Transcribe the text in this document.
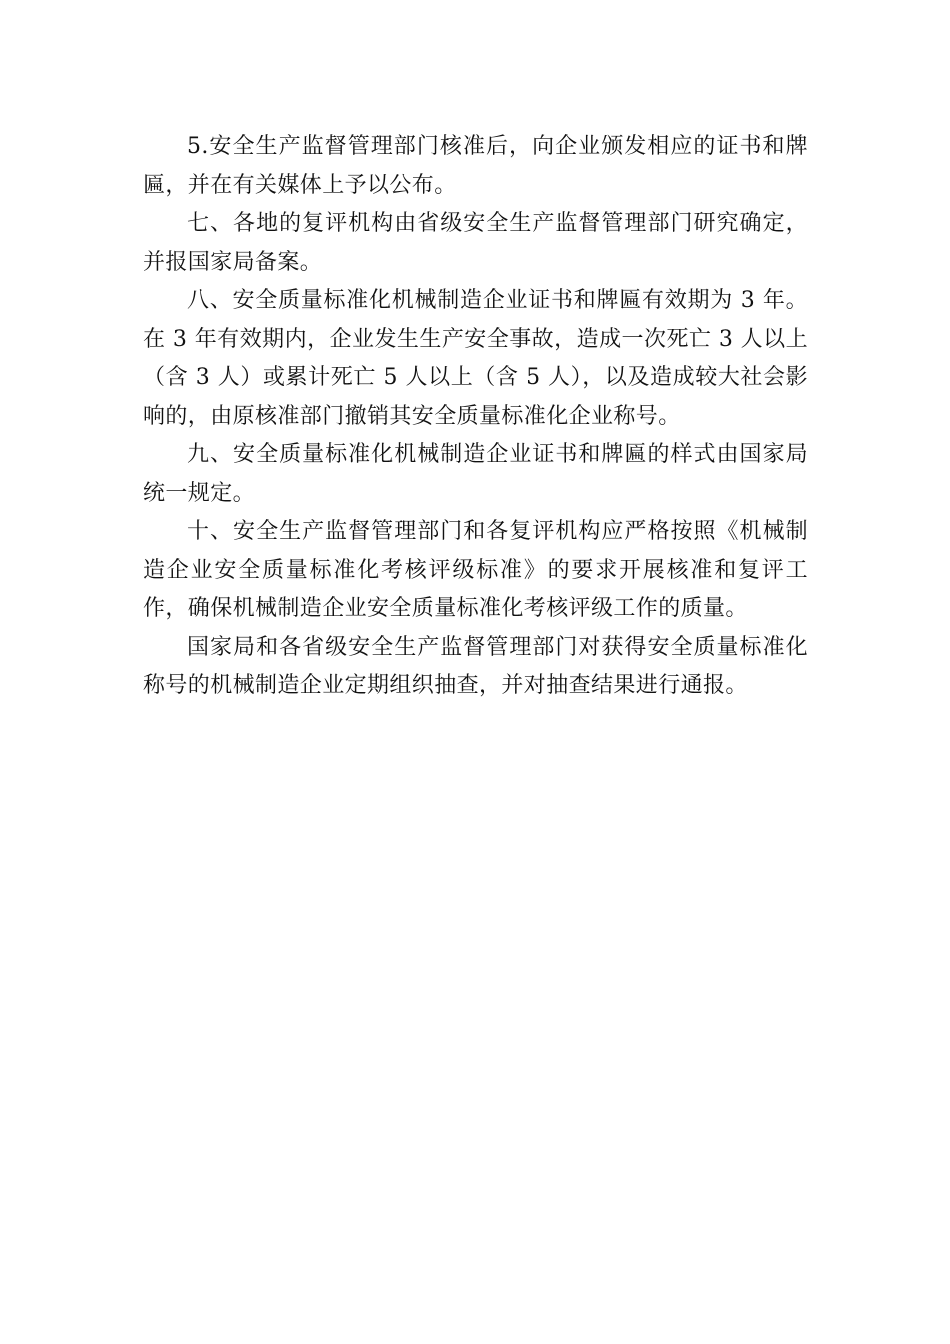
5.安全生产监督管理部门核准后，向企业颁发相应的证书和牌匾，并在有关媒体上予以公布。

七、各地的复评机构由省级安全生产监督管理部门研究确定，并报国家局备案。

八、安全质量标准化机械制造企业证书和牌匾有效期为 3 年。在 3 年有效期内，企业发生生产安全事故，造成一次死亡 3 人以上（含 3 人）或累计死亡 5 人以上（含 5 人），以及造成较大社会影响的，由原核准部门撤销其安全质量标准化企业称号。

九、安全质量标准化机械制造企业证书和牌匾的样式由国家局统一规定。

十、安全生产监督管理部门和各复评机构应严格按照《机械制造企业安全质量标准化考核评级标准》的要求开展核准和复评工作，确保机械制造企业安全质量标准化考核评级工作的质量。

国家局和各省级安全生产监督管理部门对获得安全质量标准化称号的机械制造企业定期组织抽查，并对抽查结果进行通报。
